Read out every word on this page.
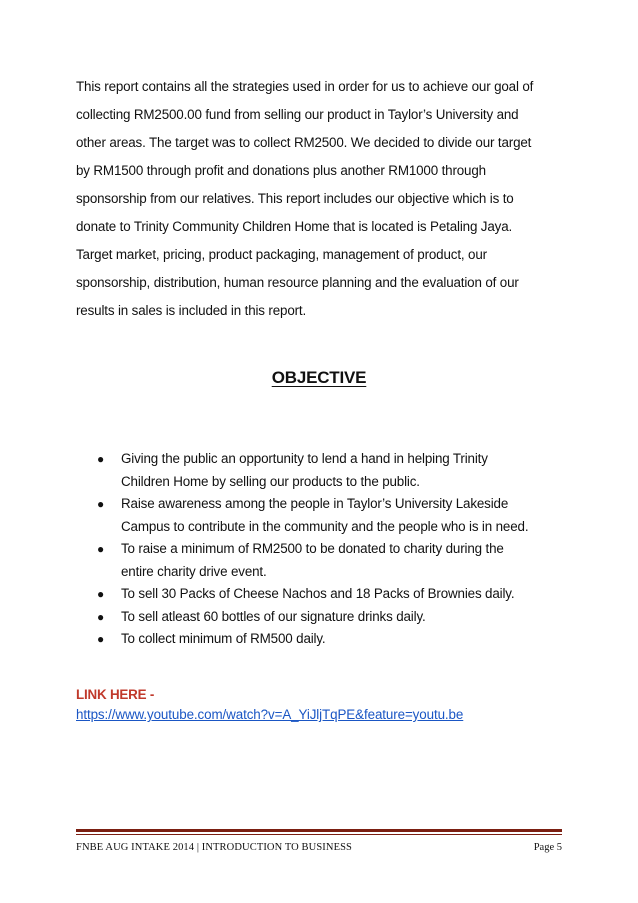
This report contains all the strategies used in order for us to achieve our goal of
collecting RM2500.00 fund from selling our product in Taylor’s University and
other areas. The target was to collect RM2500. We decided to divide our target
by RM1500 through profit and donations plus another RM1000 through
sponsorship from our relatives. This report includes our objective which is to
donate to Trinity Community Children Home that is located is Petaling Jaya.
Target market, pricing, product packaging, management of product, our
sponsorship, distribution, human resource planning and the evaluation of our
results in sales is included in this report.
OBJECTIVE
● Giving the public an opportunity to lend a hand in helping Trinity
Children Home by selling our products to the public.
● Raise awareness among the people in Taylor’s University Lakeside
Campus to contribute in the community and the people who is in need.
● To raise a minimum of RM2500 to be donated to charity during the
entire charity drive event.
● To sell 30 Packs of Cheese Nachos and 18 Packs of Brownies daily.
● To sell atleast 60 bottles of our signature drinks daily.
● To collect minimum of RM500 daily.

LINK HERE -

https://www.youtube.com/watch?v=A_YiJljTqPE&feature=youtu.be
FNBE AUG INTAKE 2014 | INTRODUCTION TO BUSINESS	Page 5
